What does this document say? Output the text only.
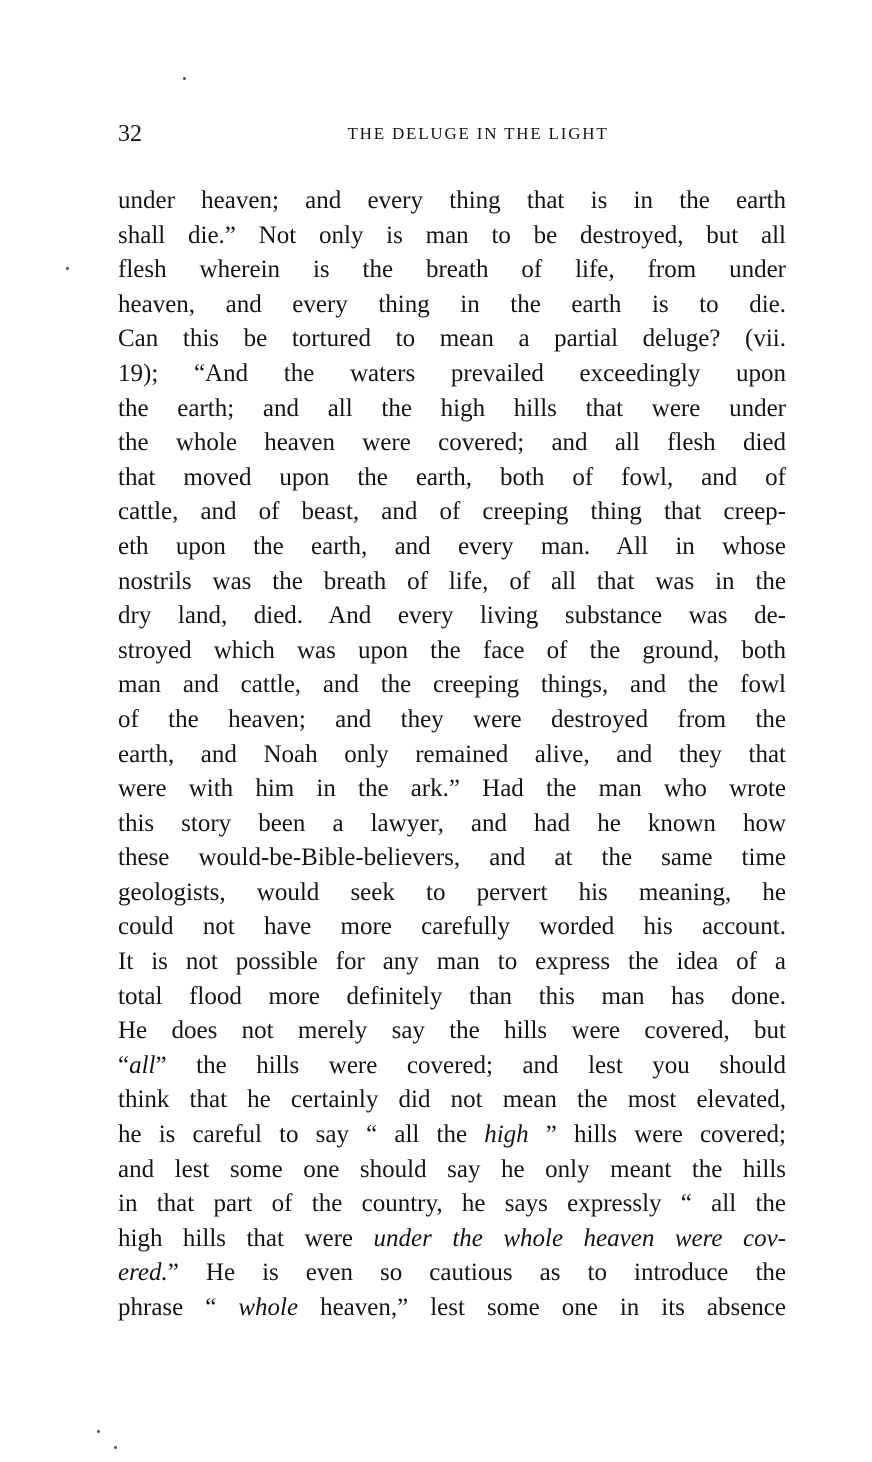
32	THE DELUGE IN THE LIGHT
under heaven; and every thing that is in the earth
shall die.” Not only is man to be destroyed, but all
flesh wherein is the breath of life, from under
heaven, and every thing in the earth is to die.
Can this be tortured to mean a partial deluge? (vii.
19); “And the waters prevailed exceedingly upon
the earth; and all the high hills that were under
the whole heaven were covered; and all flesh died
that moved upon the earth, both of fowl, and of
cattle, and of beast, and of creeping thing that creep-
eth upon the earth, and every man. All in whose
nostrils was the breath of life, of all that was in the
dry land, died. And every living substance was de-
stroyed which was upon the face of the ground, both
man and cattle, and the creeping things, and the fowl
of the heaven; and they were destroyed from the
earth, and Noah only remained alive, and they that
were with him in the ark.” Had the man who wrote
this story been a lawyer, and had he known how
these would-be-Bible-believers, and at the same time
geologists, would seek to pervert his meaning, he
could not have more carefully worded his account.
It is not possible for any man to express the idea of a
total flood more definitely than this man has done.
He does not merely say the hills were covered, but
“all” the hills were covered; and lest you should
think that he certainly did not mean the most elevated,
he is careful to say “ all the high ” hills were covered;
and lest some one should say he only meant the hills
in that part of the country, he says expressly “ all the
high hills that were under the whole heaven were cov-
ered.” He is even so cautious as to introduce the
phrase “ whole heaven,” lest some one in its absence
